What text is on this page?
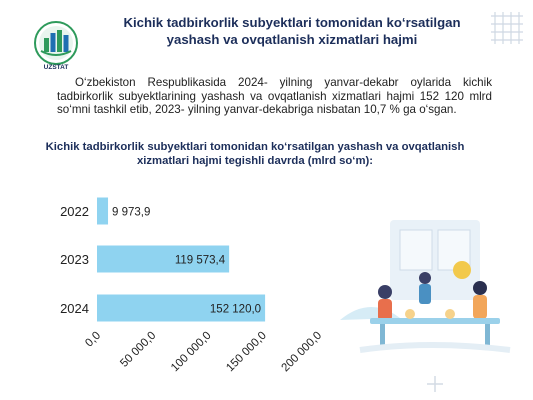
UZSTAT
Kichik tadbirkorlik subyektlari tomonidan ko‘rsatilgan
yashash va ovqatlanish xizmatlari hajmi

O‘zbekiston Respublikasida 2024- yilning yanvar-dekabr oylarida kichik tadbirkorlik subyektlarining yashash va ovqatlanish xizmatlari hajmi 152 120 mlrd so‘mni tashkil etib, 2023- yilning yanvar-dekabriga nisbatan 10,7 % ga o‘sgan.

Kichik tadbirkorlik subyektlari tomonidan ko‘rsatilgan yashash va ovqatlanish xizmatlari hajmi tegishli davrda (mlrd so‘m):
2022 9 973,9
2023	119 573,4
2024	152 120,0
0,0 50 000,0 100 000,0 150 000,0 200 000,0
